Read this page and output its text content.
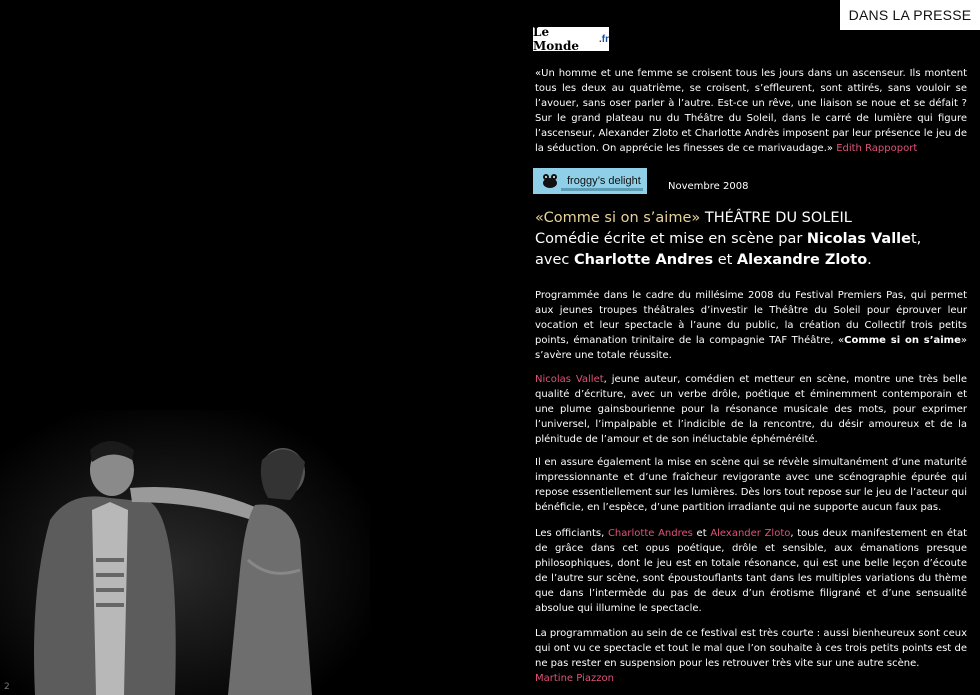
2
DANS LA PRESSE
Le Monde	.fr
«Un homme et une femme se croisent tous les jours dans un ascenseur. Ils montent tous les deux au quatrième, se croisent, s’effleurent, sont attirés, sans vouloir se l’avouer, sans oser parler à l’autre. Est-ce un rêve, une liaison se noue et se défait ? Sur le grand plateau nu du Théâtre du Soleil, dans le carré de lumière qui figure l’ascenseur, Alexander Zloto et Charlotte Andrès imposent par leur présence le jeu de la séduction. On apprécie les finesses de ce marivaudage.» Edith Rappoport
froggy’s delight	Novembre 2008
«Comme si on s’aime» THÉÂTRE DU SOLEIL
Comédie écrite et mise en scène par Nicolas Vallet,
avec Charlotte Andres et Alexandre Zloto.
Programmée dans le cadre du millésime 2008 du Festival Premiers Pas, qui permet aux jeunes troupes théâtrales d’investir le Théâtre du Soleil pour éprouver leur vocation et leur spectacle à l’aune du public, la création du Collectif trois petits points, émanation trinitaire de la compagnie TAF Théâtre, «Comme si on s’aime» s’avère une totale réussite.
Nicolas Vallet, jeune auteur, comédien et metteur en scène, montre une très belle qualité d’écriture, avec un verbe drôle, poétique et éminemment contemporain et une plume gainsbourienne pour la résonance musicale des mots, pour exprimer l’universel, l’impalpable et l’indicible de la rencontre, du désir amoureux et de la plénitude de l’amour et de son inéluctable éphéméréité.
Il en assure également la mise en scène qui se révèle simultanément d’une maturité impressionnante et d’une fraîcheur revigorante avec une scénographie épurée qui repose essentiellement sur les lumières. Dès lors tout repose sur le jeu de l’acteur qui bénéficie, en l’espèce, d’une partition irradiante qui ne supporte aucun faux pas.
Les officiants, Charlotte Andres et Alexander Zloto, tous deux manifestement en état de grâce dans cet opus poétique, drôle et sensible, aux émanations presque philosophiques, dont le jeu est en totale résonance, qui est une belle leçon d’écoute de l’autre sur scène, sont époustouflants tant dans les multiples variations du thème que dans l’intermède du pas de deux d’un érotisme filigrané et d’une sensualité absolue qui illumine le spectacle.
La programmation au sein de ce festival est très courte : aussi bienheureux sont ceux qui ont vu ce spectacle et tout le mal que l’on souhaite à ces trois petits points est de ne pas rester en suspension pour les retrouver très vite sur une autre scène.
Martine Piazzon
